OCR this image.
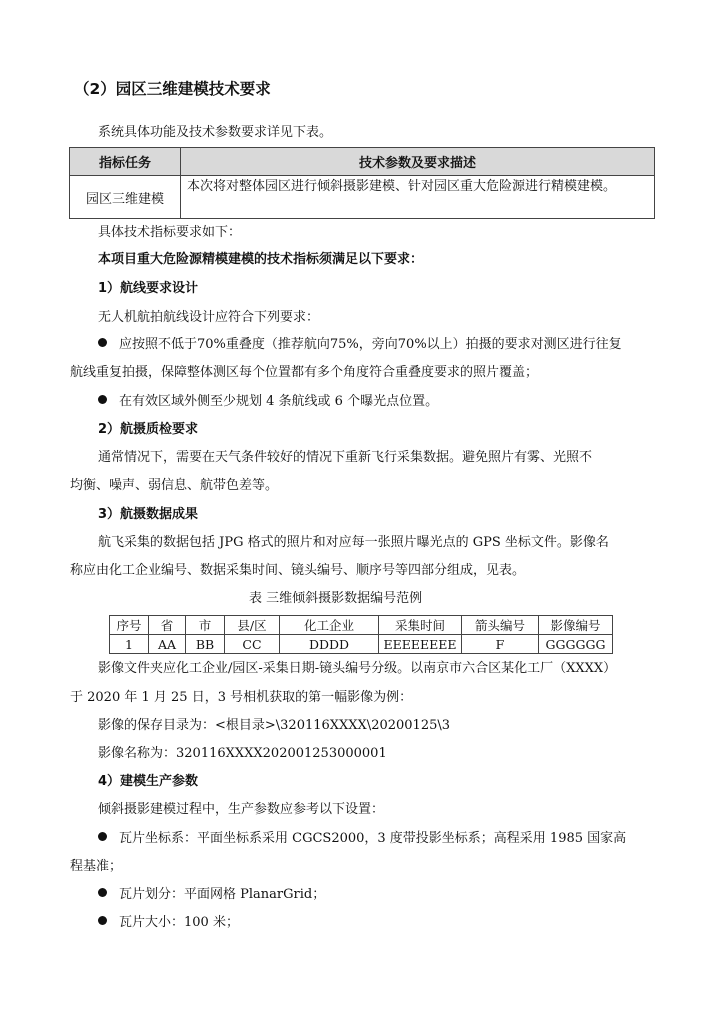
（2）园区三维建模技术要求
系统具体功能及技术参数要求详见下表。
指标任务	技术参数及要求描述
园区三维建模	本次将对整体园区进行倾斜摄影建模、针对园区重大危险源进行精模建模。
具体技术指标要求如下：
本项目重大危险源精模建模的技术指标须满足以下要求：
1）航线要求设计
无人机航拍航线设计应符合下列要求：
应按照不低于70%重叠度（推荐航向75%，旁向70%以上）拍摄的要求对测区进行往复
航线重复拍摄，保障整体测区每个位置都有多个角度符合重叠度要求的照片覆盖；
在有效区域外侧至少规划 4 条航线或 6 个曝光点位置。
2）航摄质检要求
通常情况下，需要在天气条件较好的情况下重新飞行采集数据。避免照片有雾、光照不
均衡、噪声、弱信息、航带色差等。
3）航摄数据成果
航飞采集的数据包括 JPG 格式的照片和对应每一张照片曝光点的 GPS 坐标文件。影像名
称应由化工企业编号、数据采集时间、镜头编号、顺序号等四部分组成，见表。
表 三维倾斜摄影数据编号范例
序号	省	市	县/区	化工企业	采集时间	箭头编号	影像编号
1	AA	BB	CC	DDDD	EEEEEEEE	F	GGGGGG
影像文件夹应化工企业/园区-采集日期-镜头编号分级。以南京市六合区某化工厂（XXXX）
于 2020 年 1 月 25 日，3 号相机获取的第一幅影像为例：
影像的保存目录为：<根目录>\320116XXXX\20200125\3
影像名称为：320116XXXX202001253000001
4）建模生产参数
倾斜摄影建模过程中，生产参数应参考以下设置：
瓦片坐标系：平面坐标系采用 CGCS2000，3 度带投影坐标系；高程采用 1985 国家高
程基准；
瓦片划分：平面网格 PlanarGrid；
瓦片大小：100 米；
